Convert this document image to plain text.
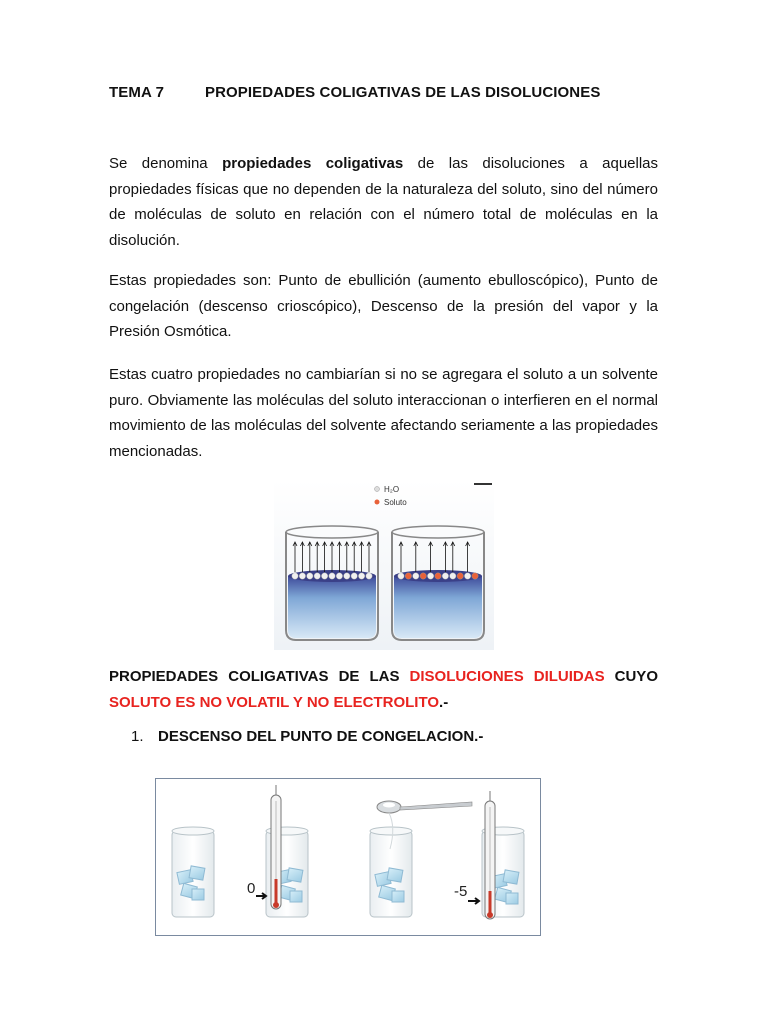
TEMA 7	PROPIEDADES COLIGATIVAS DE LAS DISOLUCIONES

Se denomina propiedades coligativas de las disoluciones a aquellas propiedades físicas que no dependen de la naturaleza del soluto, sino del número de moléculas de soluto en relación con el número total de moléculas en la disolución.

Estas propiedades son: Punto de ebullición (aumento ebulloscópico), Punto de congelación (descenso crioscópico), Descenso de la presión del vapor y la Presión Osmótica.

Estas cuatro propiedades no cambiarían si no se agregara el soluto a un solvente puro. Obviamente las moléculas del soluto interaccionan o interfieren en el normal movimiento de las moléculas del solvente afectando seriamente a las propiedades mencionadas.

H₂O
Soluto

PROPIEDADES COLIGATIVAS DE LAS DISOLUCIONES DILUIDAS CUYO SOLUTO ES NO VOLATIL Y NO ELECTROLITO.-

1. DESCENSO DEL PUNTO DE CONGELACION.-
0	-5
